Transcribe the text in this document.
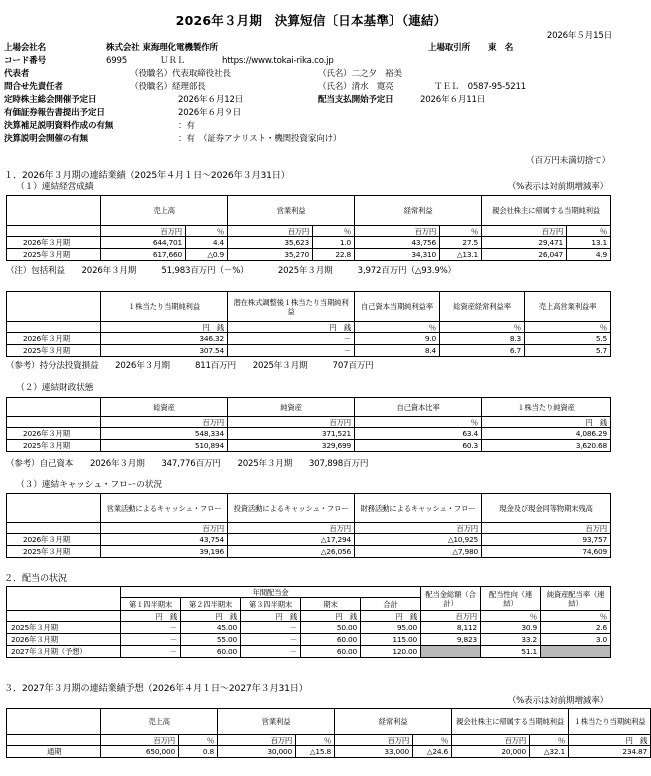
2026年３月期　決算短信〔日本基準〕（連結）
2026年５月15日
上場会社名	株式会社 東海理化電機製作所	上場取引所 東　名
コード番号	6995	ＵＲＬ	https://www.tokai-rika.co.jp
代表者	（役職名）代表取締役社長	（氏名）二之夕　裕美
問合せ先責任者	（役職名）経理部長	（氏名）清水　寛亮	ＴＥＬ　0587-95-5211
定時株主総会開催予定日	2026年６月12日	配当支払開始予定日	2026年６月11日
有価証券報告書提出予定日	2026年６月９日
決算補足説明資料作成の有無	：有
決算説明会開催の有無	：有　（証券アナリスト・機関投資家向け）
（百万円未満切捨て）
１．2026年３月期の連結業績（2025年４月１日～2026年３月31日）
（１）連結経営成績	（%表示は対前期増減率）
	売上高		営業利益		経常利益		親会社株主に帰属する当期純利益	
	百万円	％	百万円	％	百万円	％	百万円	％
2026年３月期	644,701	4.4	35,623	1.0	43,756	27.5	29,471	13.1
2025年３月期	617,660	△0.9	35,270	22.8	34,310	△13.1	26,047	4.9
（注）包括利益　　2026年３月期　　　51,983百万円（－%）　　　　2025年３月期　　　3,972百万円（△93.9%）
	１株当たり当期純利益	潜在株式調整後１株当たり当期純利益	自己資本当期純利益率	総資産経常利益率	売上高営業利益率
	円　 銭	円　 銭	％	％	％
2026年３月期	346.32	－	9.0	8.3	5.5
2025年３月期	307.54	－	8.4	6.7	5.7
（参考）持分法投資損益　　2026年３月期　　　811百万円　　2025年３月期　　　707百万円
（２）連結財政状態
	総資産	純資産	自己資本比率	１株当たり純資産
	百万円	百万円	％	円　 銭
2026年３月期	548,334	371,521	63.4	4,086.29
2025年３月期	510,894	329,699	60.3	3,620.68
（参考）自己資本　　2026年３月期　　347,776百万円　　2025年３月期　　307,898百万円
（３）連結キャッシュ・フローの状況
	営業活動によるキャッシュ・フロー	投資活動によるキャッシュ・フロー	財務活動によるキャッシュ・フロー	現金及び現金同等物期末残高
	百万円	百万円	百万円	百万円
2026年３月期	43,754	△17,294	△10,925	93,757
2025年３月期	39,196	△26,056	△7,980	74,609
２．配当の状況
	年間配当金					配当金総額（合計）	配当性向（連結）	純資産配当率（連結）
	第１四半期末	第２四半期末	第３四半期末	期末	合計			
	円　 銭	円　 銭	円　 銭	円　 銭	円　 銭	百万円	％	％
2025年３月期	－	45.00	－	50.00	95.00	8,112	30.9	2.6
2026年３月期	－	55.00	－	60.00	115.00	9,823	33.2	3.0
2027年３月期（予想）	－	60.00	－	60.00	120.00		51.1	
３．2027年３月期の連結業績予想（2026年４月１日～2027年３月31日）
（%表示は対前期増減率）
	売上高		営業利益		経常利益		親会社株主に帰属する当期純利益		１株当たり当期純利益
	百万円	％	百万円	％	百万円	％	百万円	％	円　 銭
通期	650,000	0.8	30,000	△15.8	33,000	△24.6	20,000	△32.1	234.87
